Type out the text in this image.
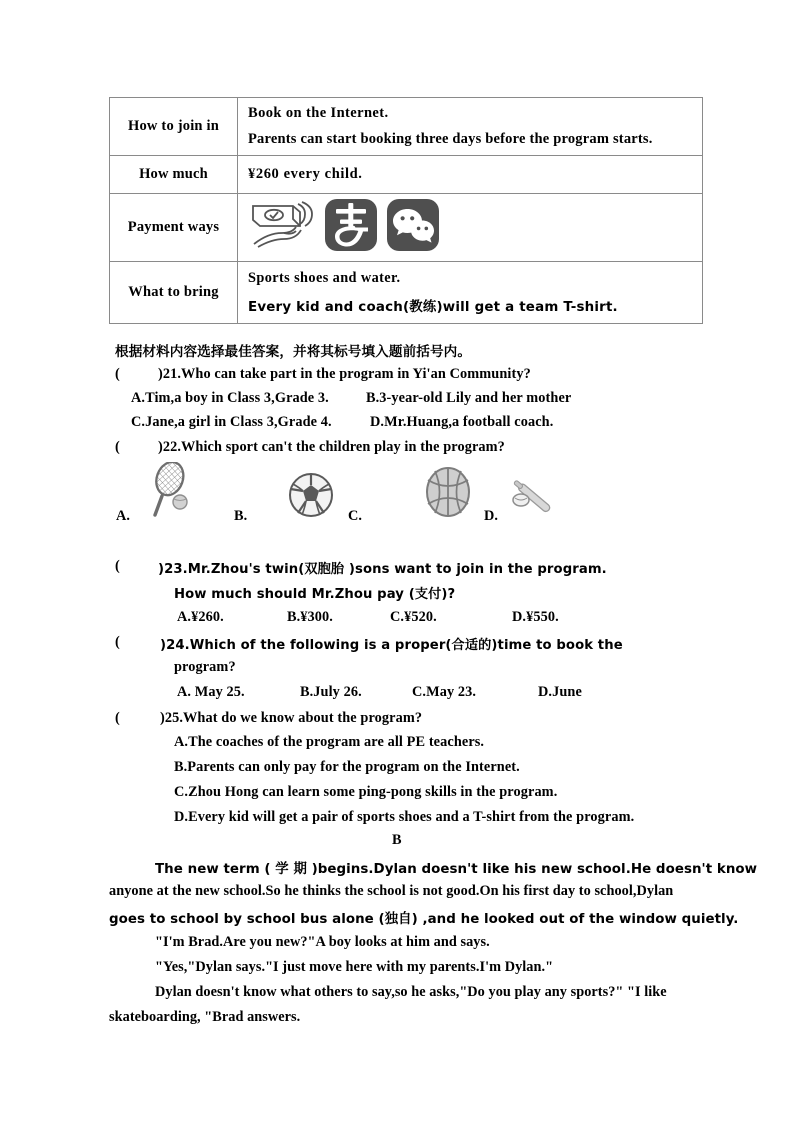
How to join in	Book on the Internet.

Parents can start booking three days before the program starts.

How much	¥260 every child.

Payment ways	

What to bring	Sports shoes and water.

Every kid and coach(教练)will get a team T-shirt.

根据材料内容选择最佳答案，并将其标号填入题前括号内。
(	)21.Who can take part in the program in Yi'an Community?
A.Tim,a boy in Class 3,Grade 3.	B.3-year-old Lily and her mother
C.Jane,a girl in Class 3,Grade 4.	D.Mr.Huang,a football coach.
(	)22.Which sport can't the children play in the program?
A.	B.	C.	D.
(	)23.Mr.Zhou's twin(双胞胎 )sons want to join in the program.
How much should Mr.Zhou pay (支付)?
A.¥260.	B.¥300.	C.¥520.	D.¥550.
(	)24.Which of the following is a proper(合适的)time to book the
program?
A. May 25.	B.July 26.	C.May 23.	D.June
(	)25.What do we know about the program?
A.The coaches of the program are all PE teachers.
B.Parents can only pay for the program on the Internet.
C.Zhou Hong can learn some ping-pong skills in the program.
D.Every kid will get a pair of sports shoes and a T-shirt from the program.
B
The new term ( 学 期 )begins.Dylan doesn't like his new school.He doesn't know
anyone at the new school.So he thinks the school is not good.On his first day to school,Dylan
goes to school by school bus alone (独自) ,and he looked out of the window quietly.
"I'm Brad.Are you new?"A boy looks at him and says.
"Yes,"Dylan says."I just move here with my parents.I'm Dylan."
Dylan doesn't know what others to say,so he asks,"Do you play any sports?" "I like
skateboarding, "Brad answers.
